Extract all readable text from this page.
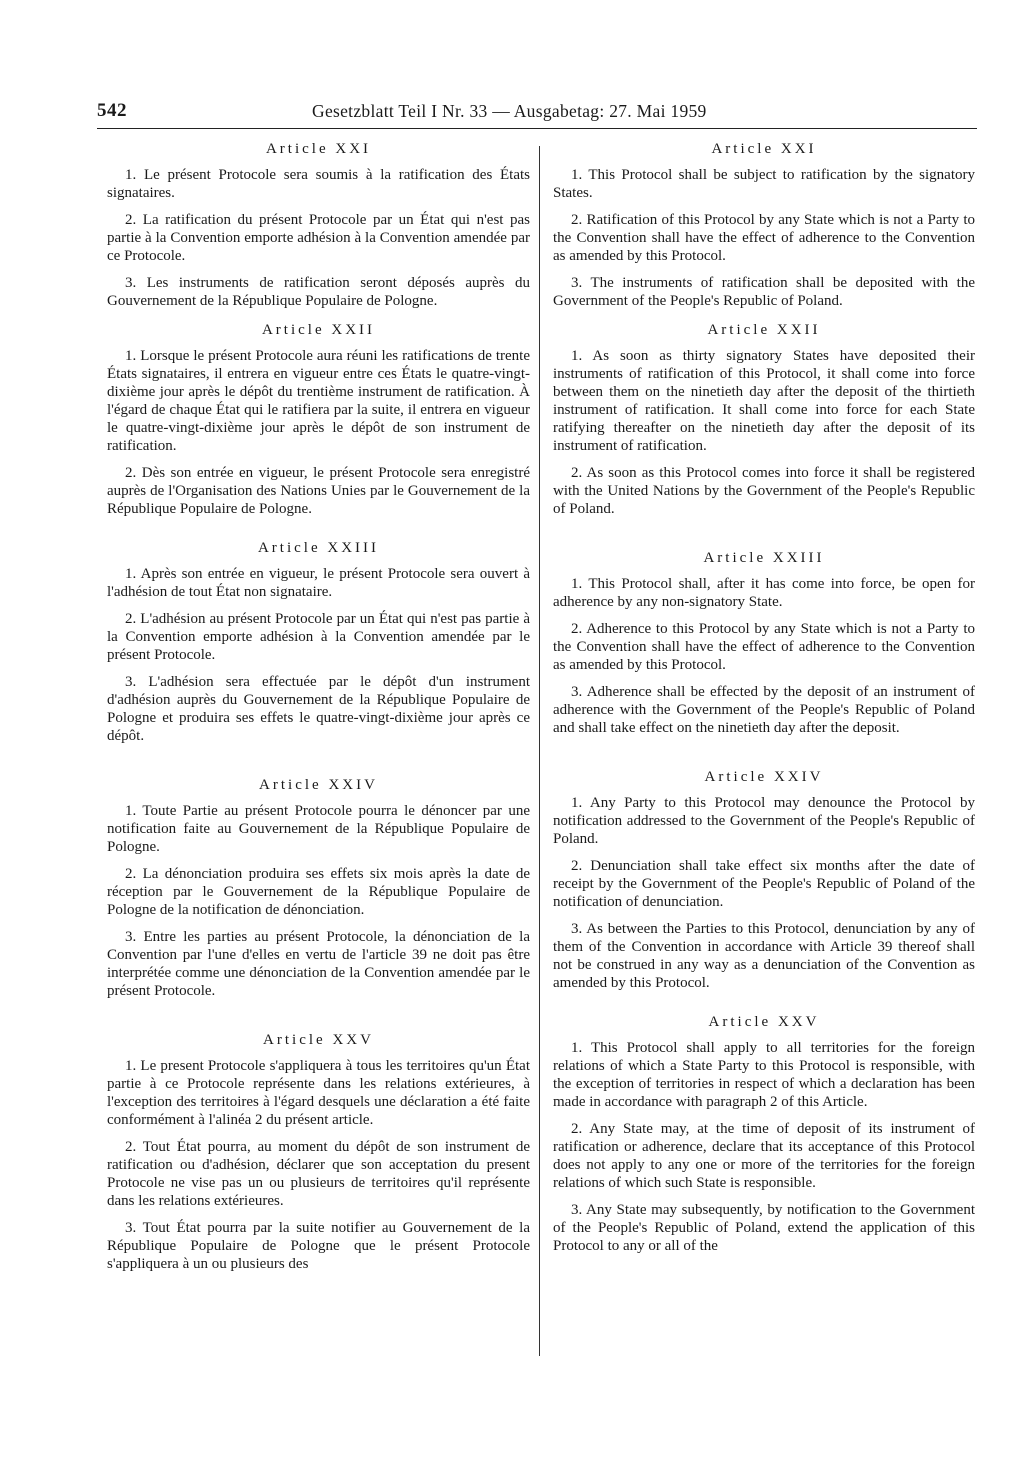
542	Gesetzblatt Teil I Nr. 33 — Ausgabetag: 27. Mai 1959
Article XXI

1. Le présent Protocole sera soumis à la ratification des États signataires.

2. La ratification du présent Protocole par un État qui n'est pas partie à la Convention emporte adhésion à la Convention amendée par ce Protocole.

3. Les instruments de ratification seront déposés auprès du Gouvernement de la République Populaire de Pologne.

Article XXII

1. Lorsque le présent Protocole aura réuni les ratifications de trente États signataires, il entrera en vigueur entre ces États le quatre-vingt-dixième jour après le dépôt du trentième instrument de ratification. À l'égard de chaque État qui le ratifiera par la suite, il entrera en vigueur le quatre-vingt-dixième jour après le dépôt de son instrument de ratification.

2. Dès son entrée en vigueur, le présent Protocole sera enregistré auprès de l'Organisation des Nations Unies par le Gouvernement de la République Populaire de Pologne.

Article XXIII

1. Après son entrée en vigueur, le présent Protocole sera ouvert à l'adhésion de tout État non signataire.

2. L'adhésion au présent Protocole par un État qui n'est pas partie à la Convention emporte adhésion à la Convention amendée par le présent Protocole.

3. L'adhésion sera effectuée par le dépôt d'un instrument d'adhésion auprès du Gouvernement de la République Populaire de Pologne et produira ses effets le quatre-vingt-dixième jour après ce dépôt.

Article XXIV

1. Toute Partie au présent Protocole pourra le dénoncer par une notification faite au Gouvernement de la République Populaire de Pologne.

2. La dénonciation produira ses effets six mois après la date de réception par le Gouvernement de la République Populaire de Pologne de la notification de dénonciation.

3. Entre les parties au présent Protocole, la dénonciation de la Convention par l'une d'elles en vertu de l'article 39 ne doit pas être interprétée comme une dénonciation de la Convention amendée par le présent Protocole.

Article XXV

1. Le present Protocole s'appliquera à tous les territoires qu'un État partie à ce Protocole représente dans les relations extérieures, à l'exception des territoires à l'égard desquels une déclaration a été faite conformément à l'alinéa 2 du présent article.

2. Tout État pourra, au moment du dépôt de son instrument de ratification ou d'adhésion, déclarer que son acceptation du present Protocole ne vise pas un ou plusieurs de territoires qu'il représente dans les relations extérieures.

3. Tout État pourra par la suite notifier au Gouvernement de la République Populaire de Pologne que le présent Protocole s'appliquera à un ou plusieurs des

Article XXI

1. This Protocol shall be subject to ratification by the signatory States.

2. Ratification of this Protocol by any State which is not a Party to the Convention shall have the effect of adherence to the Convention as amended by this Protocol.

3. The instruments of ratification shall be deposited with the Government of the People's Republic of Poland.

Article XXII

1. As soon as thirty signatory States have deposited their instruments of ratification of this Protocol, it shall come into force between them on the ninetieth day after the deposit of the thirtieth instrument of ratification. It shall come into force for each State ratifying thereafter on the ninetieth day after the deposit of its instrument of ratification.

2. As soon as this Protocol comes into force it shall be registered with the United Nations by the Government of the People's Republic of Poland.

Article XXIII

1. This Protocol shall, after it has come into force, be open for adherence by any non-signatory State.

2. Adherence to this Protocol by any State which is not a Party to the Convention shall have the effect of adherence to the Convention as amended by this Protocol.

3. Adherence shall be effected by the deposit of an instrument of adherence with the Government of the People's Republic of Poland and shall take effect on the ninetieth day after the deposit.

Article XXIV

1. Any Party to this Protocol may denounce the Protocol by notification addressed to the Government of the People's Republic of Poland.

2. Denunciation shall take effect six months after the date of receipt by the Government of the People's Republic of Poland of the notification of denunciation.

3. As between the Parties to this Protocol, denunciation by any of them of the Convention in accordance with Article 39 thereof shall not be construed in any way as a denunciation of the Convention as amended by this Protocol.

Article XXV

1. This Protocol shall apply to all territories for the foreign relations of which a State Party to this Protocol is responsible, with the exception of territories in respect of which a declaration has been made in accordance with paragraph 2 of this Article.

2. Any State may, at the time of deposit of its instrument of ratification or adherence, declare that its acceptance of this Protocol does not apply to any one or more of the territories for the foreign relations of which such State is responsible.

3. Any State may subsequently, by notification to the Government of the People's Republic of Poland, extend the application of this Protocol to any or all of the
